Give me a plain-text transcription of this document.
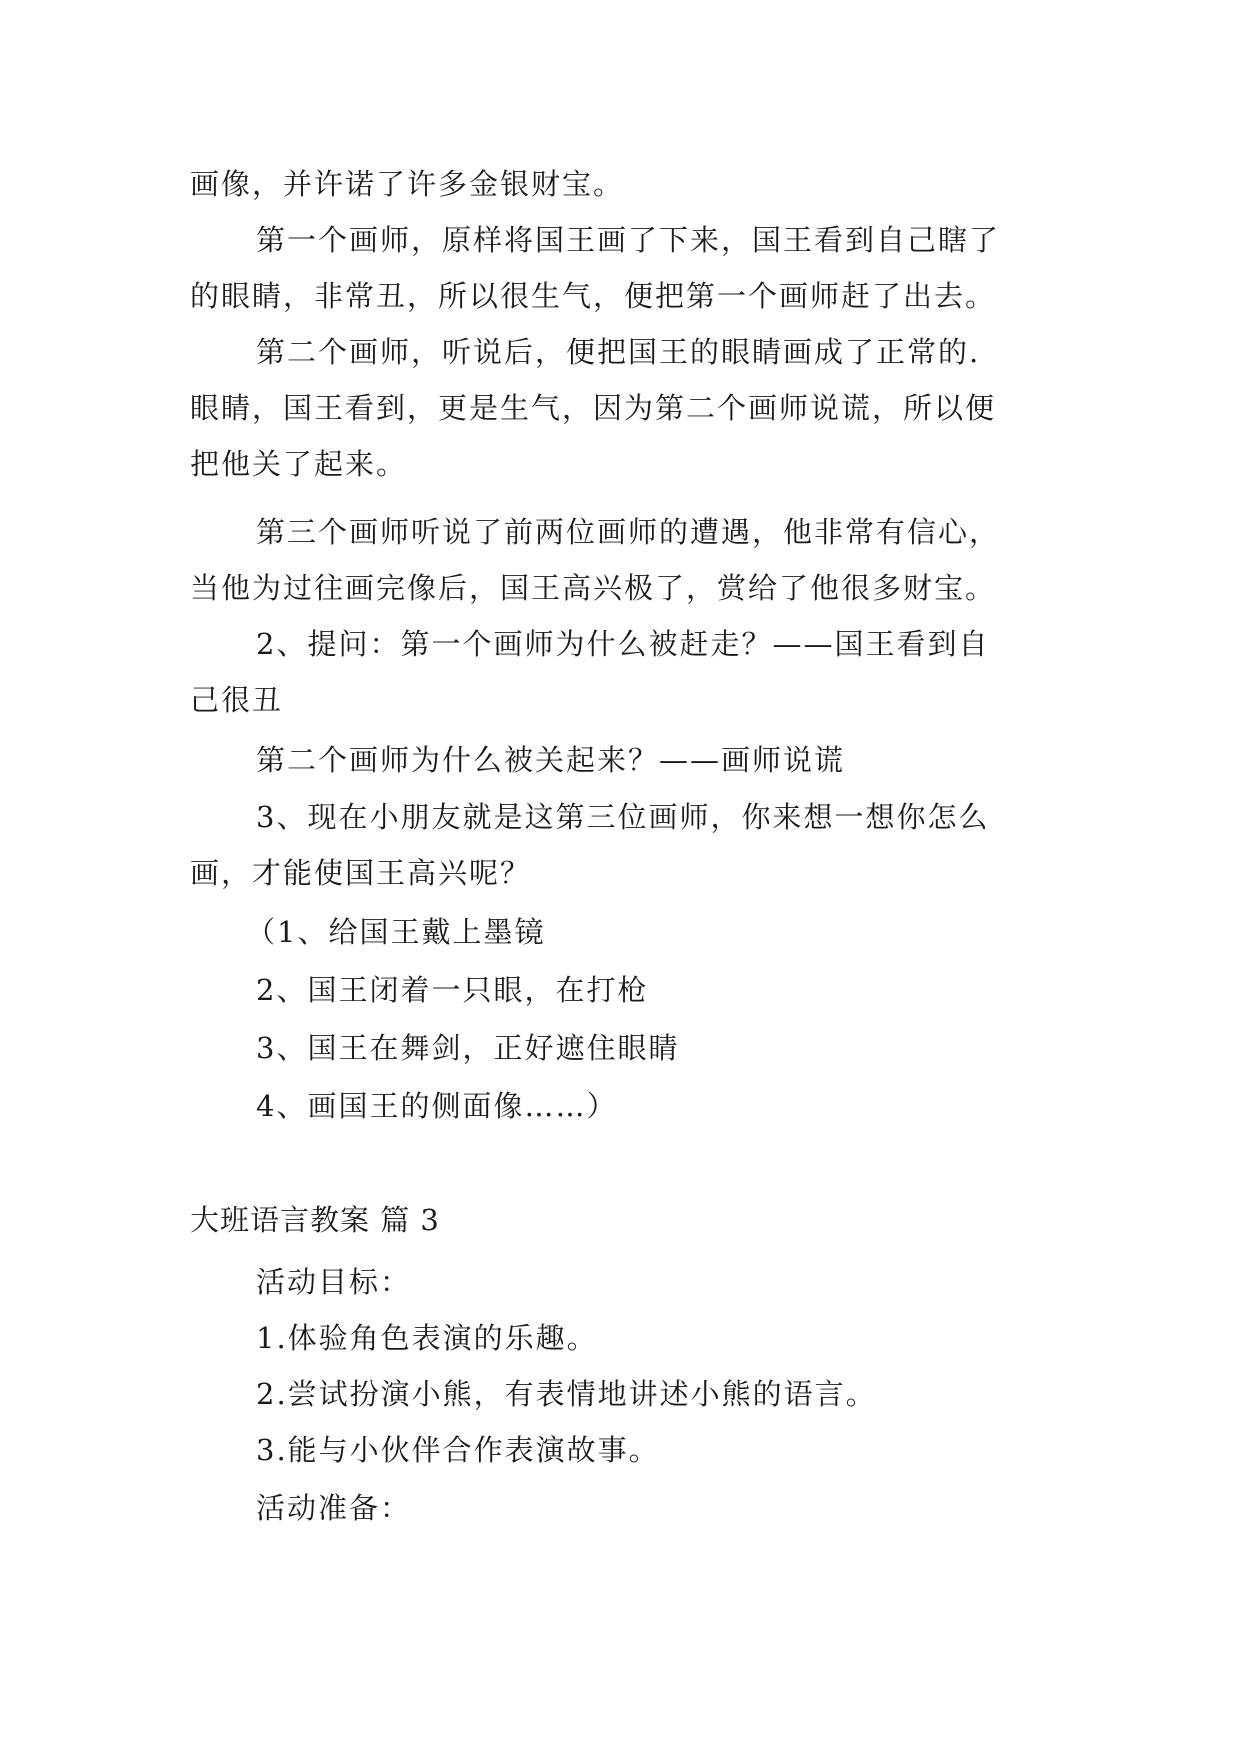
画像，并许诺了许多金银财宝。
第一个画师，原样将国王画了下来，国王看到自己瞎了
的眼睛，非常丑，所以很生气，便把第一个画师赶了出去。
第二个画师，听说后，便把国王的眼睛画成了正常的.
眼睛，国王看到，更是生气，因为第二个画师说谎，所以便
把他关了起来。
第三个画师听说了前两位画师的遭遇，他非常有信心，
当他为过往画完像后，国王高兴极了，赏给了他很多财宝。
2、提问：第一个画师为什么被赶走？——国王看到自
己很丑
第二个画师为什么被关起来？——画师说谎
3、现在小朋友就是这第三位画师，你来想一想你怎么
画，才能使国王高兴呢？
（1、给国王戴上墨镜
2、国王闭着一只眼，在打枪
3、国王在舞剑，正好遮住眼睛
4、画国王的侧面像……）
大班语言教案 篇 3
活动目标：
1.体验角色表演的乐趣。
2.尝试扮演小熊，有表情地讲述小熊的语言。
3.能与小伙伴合作表演故事。
活动准备：
